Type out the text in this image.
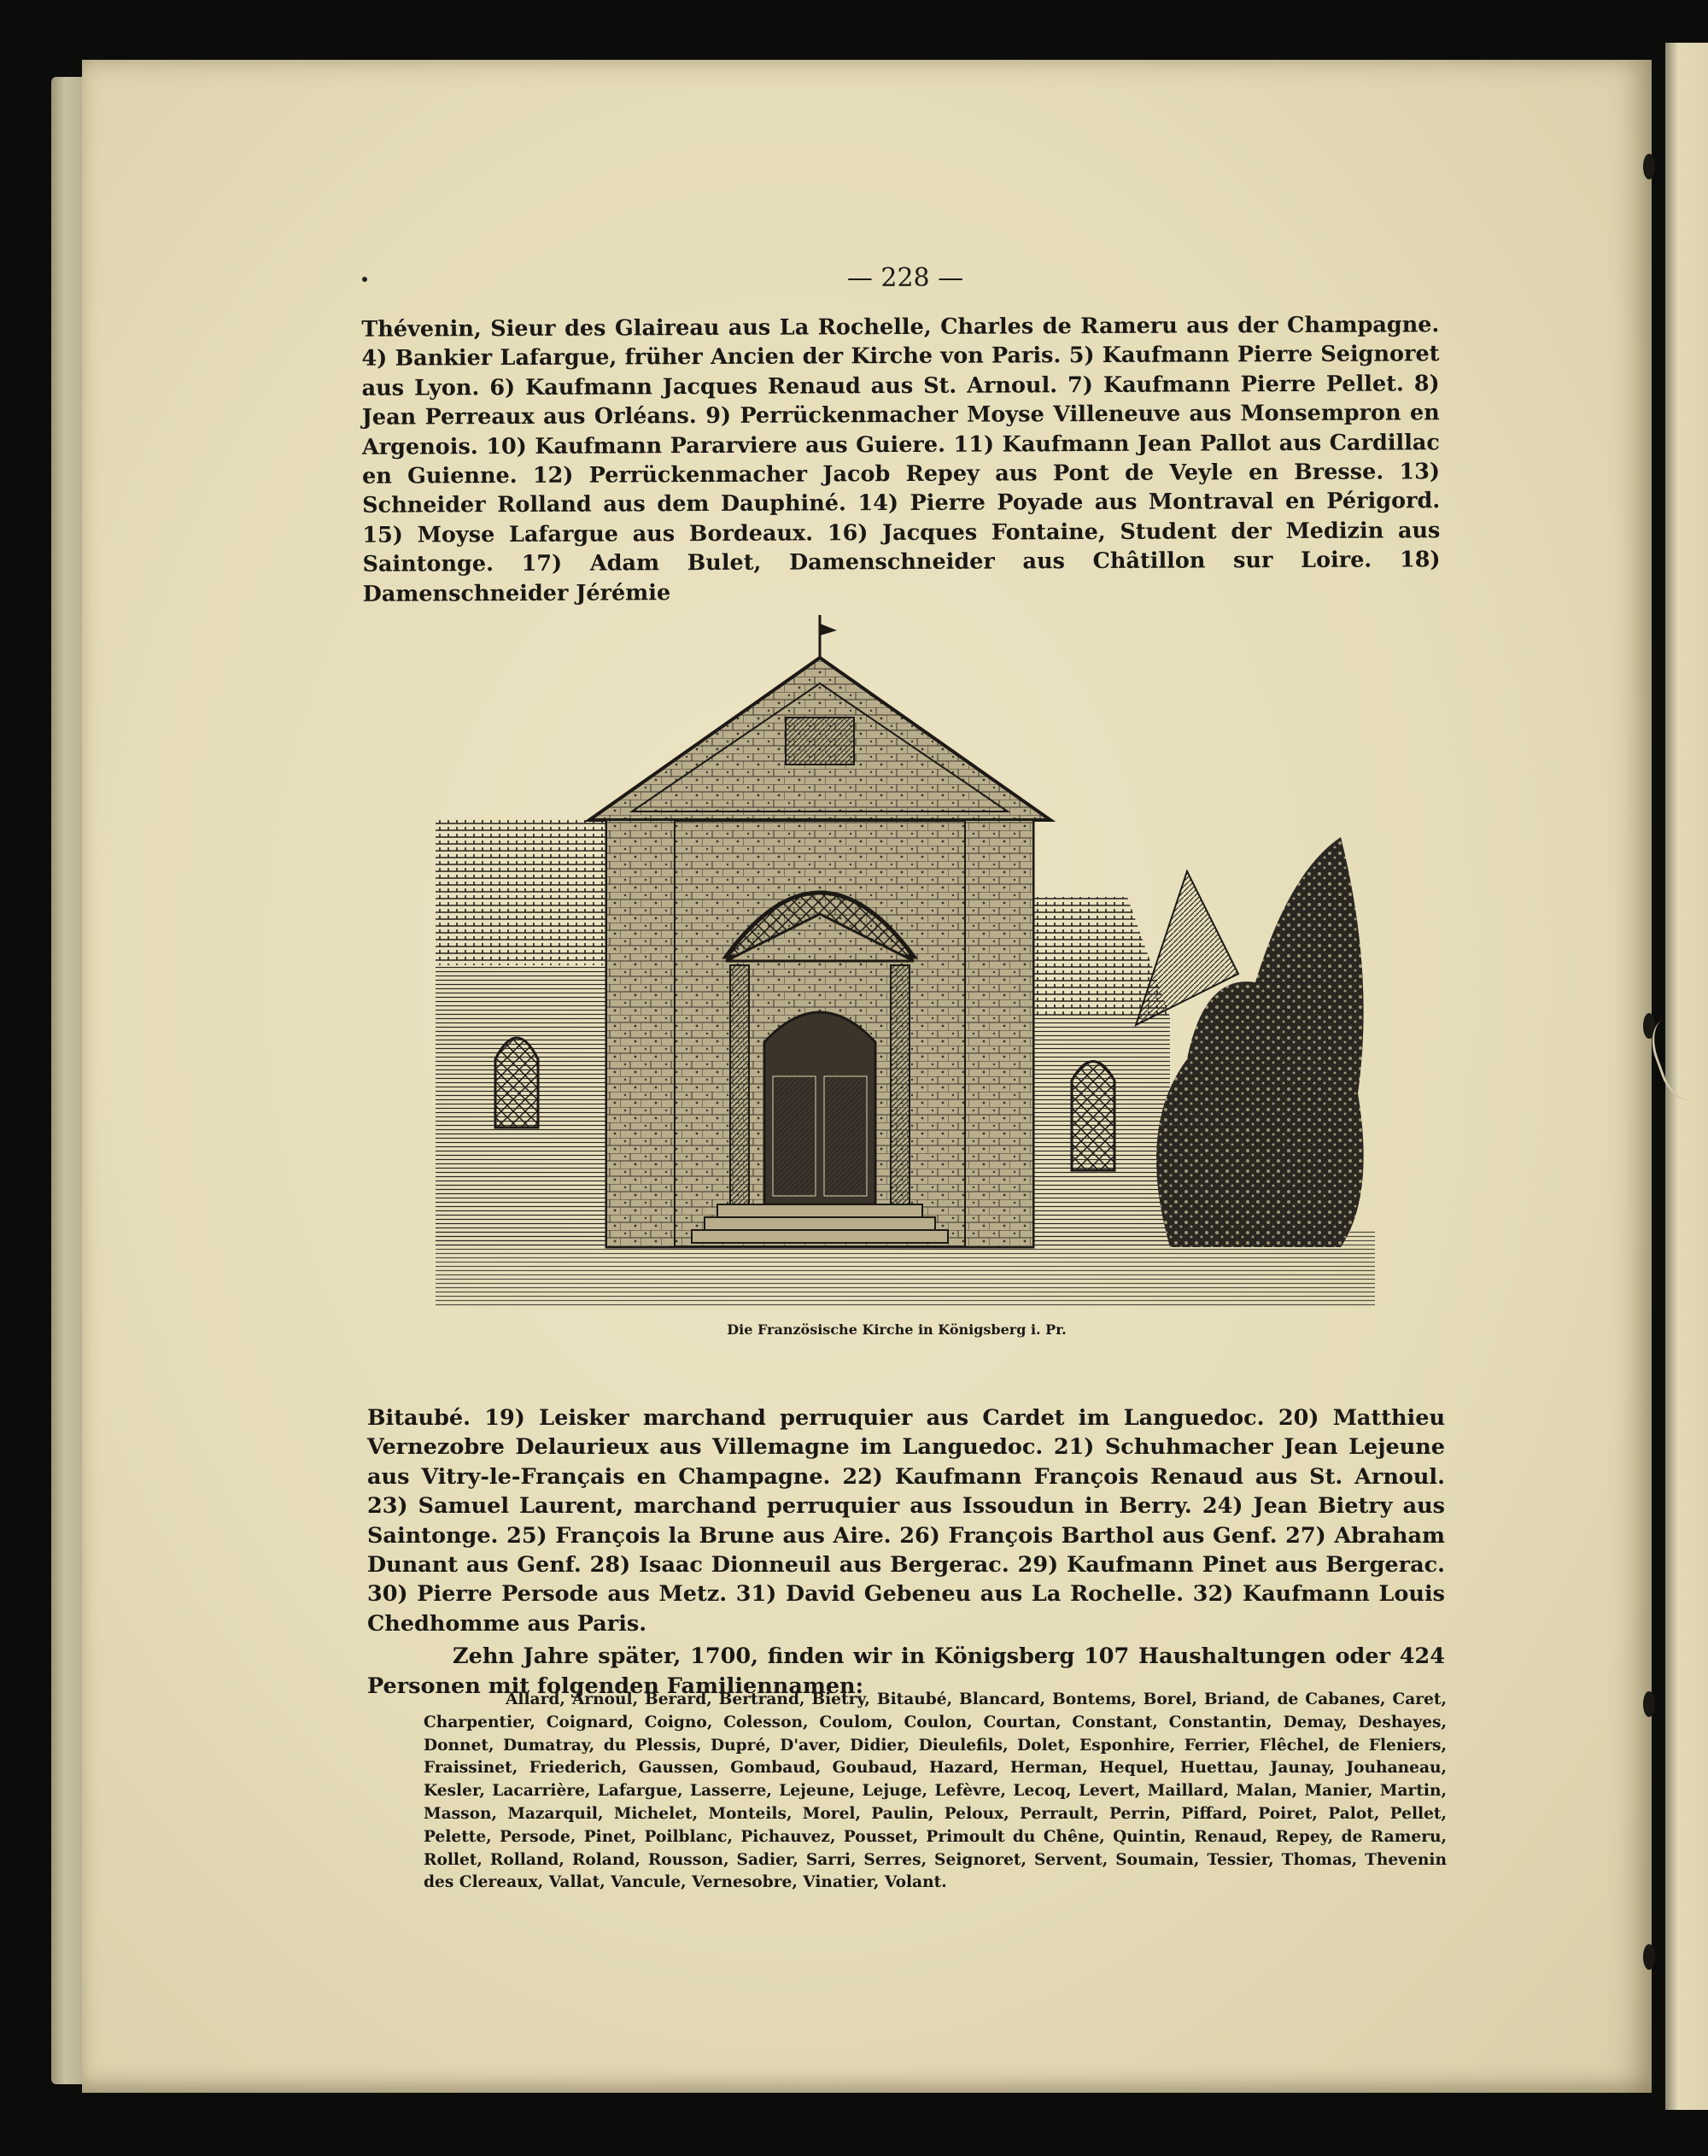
— 228 —

Thévenin, Sieur des Glaireau aus La Rochelle, Charles de Rameru aus der Champagne. 4) Bankier Lafargue, früher Ancien der Kirche von Paris. 5) Kaufmann Pierre Seignoret aus Lyon. 6) Kaufmann Jacques Renaud aus St. Arnoul. 7) Kaufmann Pierre Pellet. 8) Jean Perreaux aus Orléans. 9) Perrückenmacher Moyse Villeneuve aus Monsempron en Argenois. 10) Kaufmann Pararviere aus Guiere. 11) Kaufmann Jean Pallot aus Cardillac en Guienne. 12) Perrückenmacher Jacob Repey aus Pont de Veyle en Bresse. 13) Schneider Rolland aus dem Dauphiné. 14) Pierre Poyade aus Montraval en Périgord. 15) Moyse Lafargue aus Bordeaux. 16) Jacques Fontaine, Student der Medizin aus Saintonge. 17) Adam Bulet, Damenschneider aus Châtillon sur Loire. 18) Damenschneider Jérémie

Die Französische Kirche in Königsberg i. Pr.

Bitaubé. 19) Leisker marchand perruquier aus Cardet im Languedoc. 20) Matthieu Vernezobre Delaurieux aus Villemagne im Languedoc. 21) Schuhmacher Jean Lejeune aus Vitry-le-Français en Champagne. 22) Kaufmann François Renaud aus St. Arnoul. 23) Samuel Laurent, marchand perruquier aus Issoudun in Berry. 24) Jean Bietry aus Saintonge. 25) François la Brune aus Aire. 26) François Barthol aus Genf. 27) Abraham Dunant aus Genf. 28) Isaac Dionneuil aus Bergerac. 29) Kaufmann Pinet aus Bergerac. 30) Pierre Persode aus Metz. 31) David Gebeneu aus La Rochelle. 32) Kaufmann Louis Chedhomme aus Paris.

Zehn Jahre später, 1700, finden wir in Königsberg 107 Haushaltungen oder 424 Personen mit folgenden Familiennamen:

Allard, Arnoul, Berard, Bertrand, Bietry, Bitaubé, Blancard, Bontems, Borel, Briand, de Cabanes, Caret, Charpentier, Coignard, Coigno, Colesson, Coulom, Coulon, Courtan, Constant, Constantin, Demay, Deshayes, Donnet, Dumatray, du Plessis, Dupré, D'aver, Didier, Dieulefils, Dolet, Esponhire, Ferrier, Flêchel, de Fleniers, Fraissinet, Friederich, Gaussen, Gombaud, Goubaud, Hazard, Herman, Hequel, Huettau, Jaunay, Jouhaneau, Kesler, Lacarrière, Lafargue, Lasserre, Lejeune, Lejuge, Lefèvre, Lecoq, Levert, Maillard, Malan, Manier, Martin, Masson, Mazarquil, Michelet, Monteils, Morel, Paulin, Peloux, Perrault, Perrin, Piffard, Poiret, Palot, Pellet, Pelette, Persode, Pinet, Poilblanc, Pichauvez, Pousset, Primoult du Chêne, Quintin, Renaud, Repey, de Rameru, Rollet, Rolland, Roland, Rousson, Sadier, Sarri, Serres, Seignoret, Servent, Soumain, Tessier, Thomas, Thevenin des Clereaux, Vallat, Vancule, Vernesobre, Vinatier, Volant.
